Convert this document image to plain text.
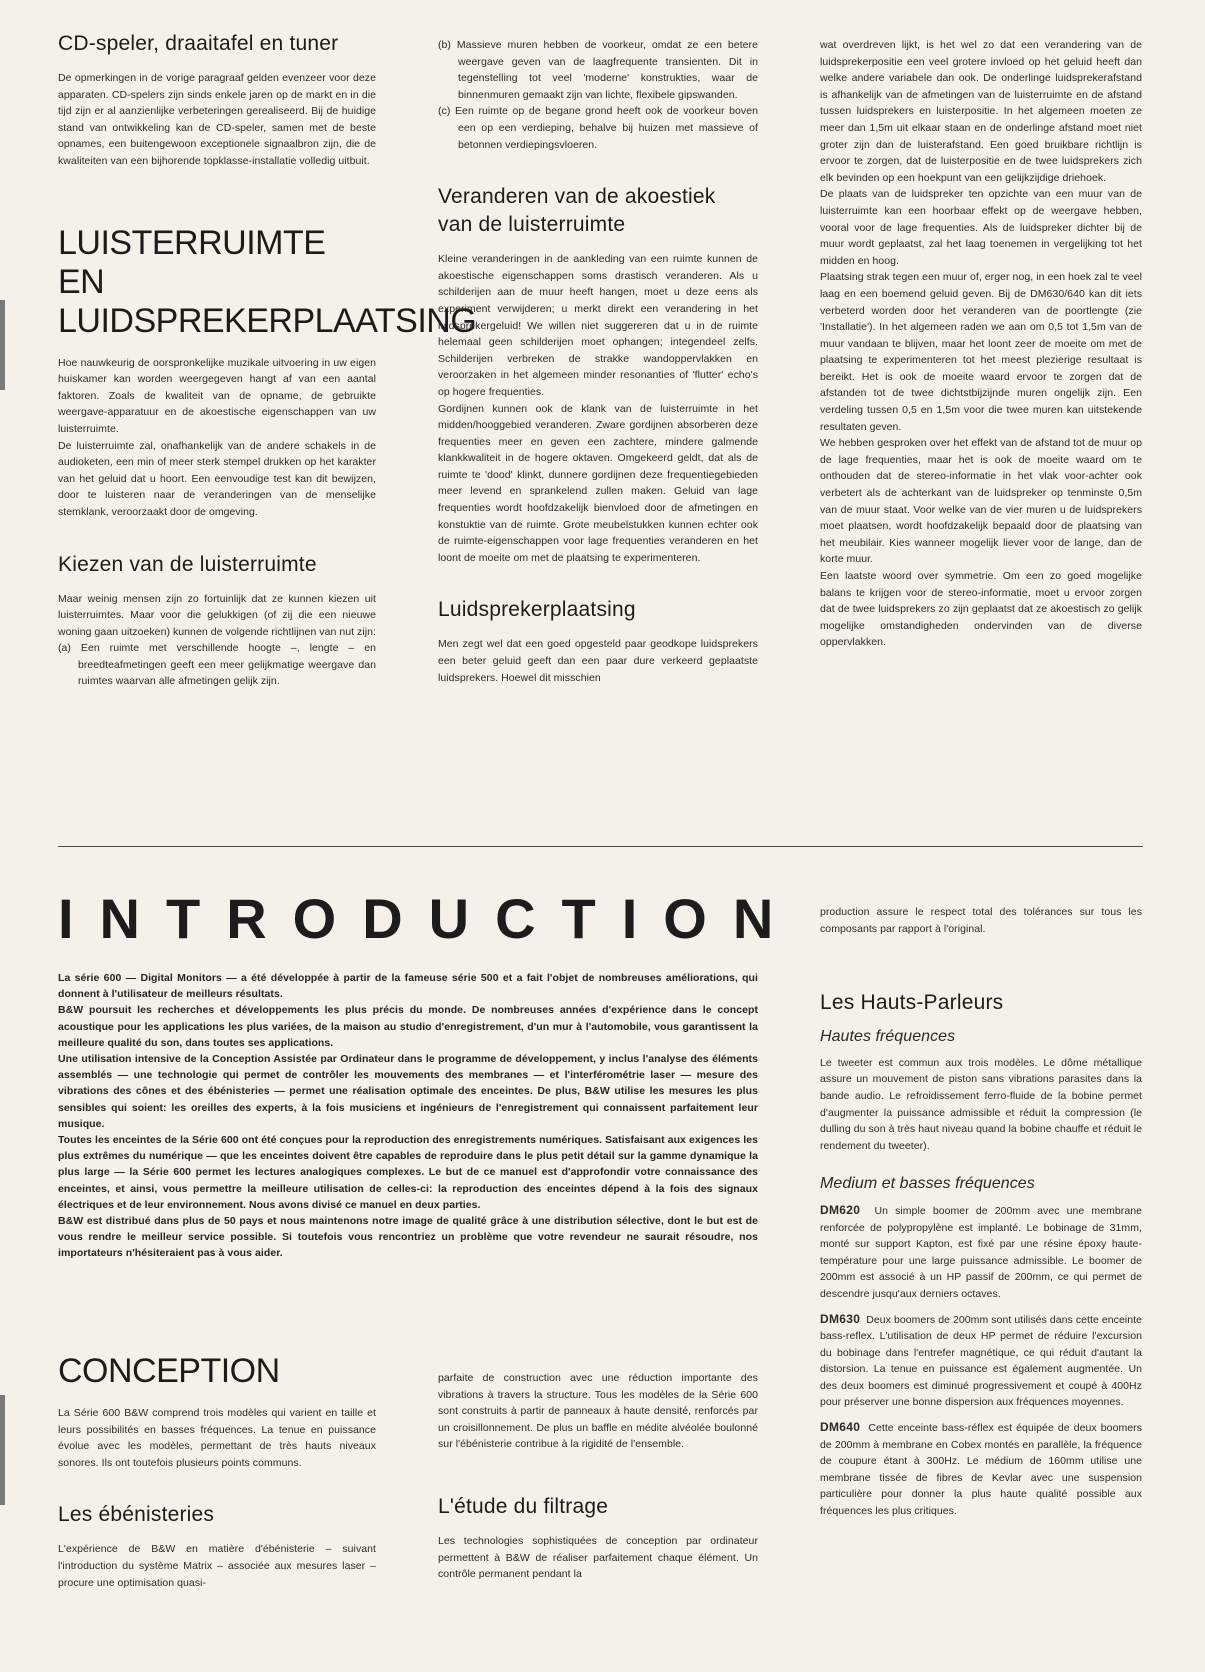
CD-speler, draaitafel en tuner

De opmerkingen in de vorige paragraaf gelden evenzeer voor deze apparaten. CD-spelers zijn sinds enkele jaren op de markt en in die tijd zijn er al aanzienlijke verbeteringen gerealiseerd. Bij de huidige stand van ontwikkeling kan de CD-speler, samen met de beste opnames, een buitengewoon exceptionele signaalbron zijn, die de kwaliteiten van een bijhorende topklasse-installatie volledig uitbuit.

LUISTERRUIMTE EN
LUIDSPREKERPLAATSING

Hoe nauwkeurig de oorspronkelijke muzikale uitvoering in uw eigen huiskamer kan worden weergegeven hangt af van een aantal faktoren. Zoals de kwaliteit van de opname, de gebruikte weergave-apparatuur en de akoestische eigenschappen van uw luisterruimte.

De luisterruimte zal, onafhankelijk van de andere schakels in de audioketen, een min of meer sterk stempel drukken op het karakter van het geluid dat u hoort. Een eenvoudige test kan dit bewijzen, door te luisteren naar de veranderingen van de menselijke stemklank, veroorzaakt door de omgeving.

Kiezen van de luisterruimte

Maar weinig mensen zijn zo fortuinlijk dat ze kunnen kiezen uit luisterruimtes. Maar voor die gelukkigen (of zij die een nieuwe woning gaan uitzoeken) kunnen de volgende richtlijnen van nut zijn:

(a) Een ruimte met verschillende hoogte –, lengte – en breedteafmetingen geeft een meer gelijkmatige weergave dan ruimtes waarvan alle afmetingen gelijk zijn.
(b) Massieve muren hebben de voorkeur, omdat ze een betere weergave geven van de laagfrequente transienten. Dit in tegenstelling tot veel 'moderne' konstrukties, waar de binnenmuren gemaakt zijn van lichte, flexibele gipswanden.
(c) Een ruimte op de begane grond heeft ook de voorkeur boven een op een verdieping, behalve bij huizen met massieve of betonnen verdiepingsvloeren.
Veranderen van de akoestiek
van de luisterruimte

Kleine veranderingen in de aankleding van een ruimte kunnen de akoestische eigenschappen soms drastisch veranderen. Als u schilderijen aan de muur heeft hangen, moet u deze eens als experiment verwijderen; u merkt direkt een verandering in het luidsprekergeluid! We willen niet suggereren dat u in de ruimte helemaal geen schilderijen moet ophangen; integendeel zelfs. Schilderijen verbreken de strakke wandoppervlakken en veroorzaken in het algemeen minder resonanties of 'flutter' echo's op hogere frequenties.

Gordijnen kunnen ook de klank van de luisterruimte in het midden/hooggebied veranderen. Zware gordijnen absorberen deze frequenties meer en geven een zachtere, mindere galmende klankkwaliteit in de hogere oktaven. Omgekeerd geldt, dat als de ruimte te 'dood' klinkt, dunnere gordijnen deze frequentiegebieden meer levend en sprankelend zullen maken. Geluid van lage frequenties wordt hoofdzakelijk bienvloed door de afmetingen en konstuktie van de ruimte. Grote meubelstukken kunnen echter ook de ruimte-eigenschappen voor lage frequenties veranderen en het loont de moeite om met de plaatsing te experimenteren.

Luidsprekerplaatsing

Men zegt wel dat een goed opgesteld paar geodkope luidsprekers een beter geluid geeft dan een paar dure verkeerd geplaatste luidsprekers. Hoewel dit misschien

wat overdreven lijkt, is het wel zo dat een verandering van de luidsprekerpositie een veel grotere invloed op het geluid heeft dan welke andere variabele dan ook. De onderlinge luidsprekerafstand is afhankelijk van de afmetingen van de luisterruimte en de afstand tussen luidsprekers en luisterpositie. In het algemeen moeten ze meer dan 1,5m uit elkaar staan en de onderlinge afstand moet niet groter zijn dan de luisterafstand. Een goed bruikbare richtlijn is ervoor te zorgen, dat de luisterpositie en de twee luidsprekers zich elk bevinden op een hoekpunt van een gelijkzijdige driehoek.

De plaats van de luidspreker ten opzichte van een muur van de luisterruimte kan een hoorbaar effekt op de weergave hebben, vooral voor de lage frequenties. Als de luidspreker dichter bij de muur wordt geplaatst, zal het laag toenemen in vergelijking tot het midden en hoog.

Plaatsing strak tegen een muur of, erger nog, in een hoek zal te veel laag en een boemend geluid geven. Bij de DM630/640 kan dit iets verbeterd worden door het veranderen van de poortlengte (zie 'Installatie'). In het algemeen raden we aan om 0,5 tot 1,5m van de muur vandaan te blijven, maar het loont zeer de moeite om met de plaatsing te experimenteren tot het meest plezierige resultaat is bereikt. Het is ook de moeite waard ervoor te zorgen dat de afstanden tot de twee dichtstbijzijnde muren ongelijk zijn. Een verdeling tussen 0,5 en 1,5m voor die twee muren kan uitstekende resultaten geven.

We hebben gesproken over het effekt van de afstand tot de muur op de lage frequenties, maar het is ook de moeite waard om te onthouden dat de stereo-informatie in het vlak voor-achter ook verbetert als de achterkant van de luidspreker op tenminste 0,5m van de muur staat. Voor welke van de vier muren u de luidsprekers moet plaatsen, wordt hoofdzakelijk bepaald door de plaatsing van het meubilair. Kies wanneer mogelijk liever voor de lange, dan de korte muur.

Een laatste woord over symmetrie. Om een zo goed mogelijke balans te krijgen voor de stereo-informatie, moet u ervoor zorgen dat de twee luidsprekers zo zijn geplaatst dat ze akoestisch zo gelijk mogelijke omstandigheden ondervinden van de diverse oppervlakken.

INTRODUCTION

La série 600 — Digital Monitors — a été développée à partir de la fameuse série 500 et a fait l'objet de nombreuses améliorations, qui donnent à l'utilisateur de meilleurs résultats.

B&W poursuit les recherches et développements les plus précis du monde. De nombreuses années d'expérience dans le concept acoustique pour les applications les plus variées, de la maison au studio d'enregistrement, d'un mur à l'automobile, vous garantissent la meilleure qualité du son, dans toutes ses applications.

Une utilisation intensive de la Conception Assistée par Ordinateur dans le programme de développement, y inclus l'analyse des éléments assemblés — une technologie qui permet de contrôler les mouvements des membranes — et l'interférométrie laser — mesure des vibrations des cônes et des ébénisteries — permet une réalisation optimale des enceintes. De plus, B&W utilise les mesures les plus sensibles qui soient: les oreilles des experts, à la fois musiciens et ingénieurs de l'enregistrement qui connaissent parfaitement leur musique.

Toutes les enceintes de la Série 600 ont été conçues pour la reproduction des enregistrements numériques. Satisfaisant aux exigences les plus extrêmes du numérique — que les enceintes doivent être capables de reproduire dans le plus petit détail sur la gamme dynamique la plus large — la Série 600 permet les lectures analogiques complexes. Le but de ce manuel est d'approfondir votre connaissance des enceintes, et ainsi, vous permettre la meilleure utilisation de celles-ci: la reproduction des enceintes dépend à la fois des signaux électriques et de leur environnement. Nous avons divisé ce manuel en deux parties.

B&W est distribué dans plus de 50 pays et nous maintenons notre image de qualité grâce à une distribution sélective, dont le but est de vous rendre le meilleur service possible. Si toutefois vous rencontriez un problème que votre revendeur ne saurait résoudre, nos importateurs n'hésiteraient pas à vous aider.

CONCEPTION

La Série 600 B&W comprend trois modèles qui varient en taille et leurs possibilités en basses fréquences. La tenue en puissance évolue avec les modèles, permettant de très hauts niveaux sonores. Ils ont toutefois plusieurs points communs.

Les ébénisteries

L'expérience de B&W en matière d'ébénisterie – suivant l'introduction du système Matrix – associée aux mesures laser – procure une optimisation quasi-

parfaite de construction avec une réduction importante des vibrations à travers la structure. Tous les modèles de la Série 600 sont construits à partir de panneaux à haute densité, renforcés par un croisillonnement. De plus un baffle en médite alvéolée boulonné sur l'ébénisterie contribue à la rigidité de l'ensemble.

L'étude du filtrage

Les technologies sophistiquées de conception par ordinateur permettent à B&W de réaliser parfaitement chaque élément. Un contrôle permanent pendant la

production assure le respect total des tolérances sur tous les composants par rapport à l'original.

Les Hauts-Parleurs
Hautes fréquences

Le tweeter est commun aux trois modèles. Le dôme métallique assure un mouvement de piston sans vibrations parasites dans la bande audio. Le refroidissement ferro-fluide de la bobine permet d'augmenter la puissance admissible et réduit la compression (le dulling du son à très haut niveau quand la bobine chauffe et réduit le rendement du tweeter).

Medium et basses fréquences

DM620 Un simple boomer de 200mm avec une membrane renforcée de polypropylène est implanté. Le bobinage de 31mm, monté sur support Kapton, est fixé par une résine époxy haute-température pour une large puissance admissible. Le boomer de 200mm est associé à un HP passif de 200mm, ce qui permet de descendre jusqu'aux derniers octaves.

DM630 Deux boomers de 200mm sont utilisés dans cette enceinte bass-reflex. L'utilisation de deux HP permet de réduire l'excursion du bobinage dans l'entrefer magnétique, ce qui réduit d'autant la distorsion. La tenue en puissance est également augmentée. Un des deux boomers est diminué progressivement et coupé à 400Hz pour préserver une bonne dispersion aux fréquences moyennes.

DM640 Cette enceinte bass-réflex est équipée de deux boomers de 200mm à membrane en Cobex montés en parallèle, la fréquence de coupure étant à 300Hz. Le médium de 160mm utilise une membrane tissée de fibres de Kevlar avec une suspension particulière pour donner la plus haute qualité possible aux fréquences les plus critiques.
